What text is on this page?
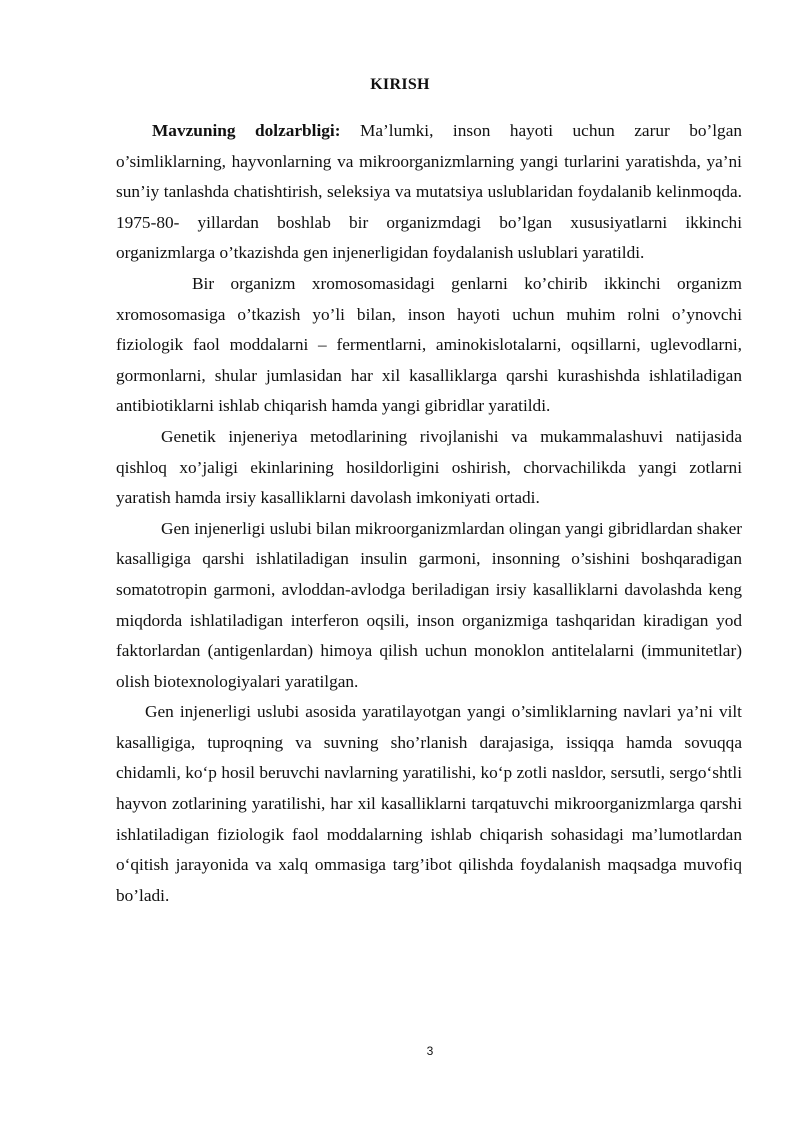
KIRISH

Mavzuning dolzarbligi: Ma’lumki, inson hayoti uchun zarur bo’lgan o’simliklarning, hayvonlarning va mikroorganizmlarning yangi turlarini yaratishda, ya’ni sun’iy tanlashda chatishtirish, seleksiya va mutatsiya uslublaridan foydalanib kelinmoqda. 1975-80- yillardan boshlab bir organizmdagi bo’lgan xususiyatlarni ikkinchi organizmlarga o’tkazishda gen injenerligidan foydalanish uslublari yaratildi.

Bir organizm xromosomasidagi genlarni ko’chirib ikkinchi organizm xromosomasiga o’tkazish yo’li bilan, inson hayoti uchun muhim rolni o’ynovchi fiziologik faol moddalarni – fermentlarni, aminokislotalarni, oqsillarni, uglevodlarni, gormonlarni, shular jumlasidan har xil kasalliklarga qarshi kurashishda ishlatiladigan antibiotiklarni ishlab chiqarish hamda yangi gibridlar yaratildi.

Genetik injeneriya metodlarining rivojlanishi va mukammalashuvi natijasida qishloq xo’jaligi ekinlarining hosildorligini oshirish, chorvachilikda yangi zotlarni yaratish hamda irsiy kasalliklarni davolash imkoniyati ortadi.

Gen injenerligi uslubi bilan mikroorganizmlardan olingan yangi gibridlardan shaker kasalligiga qarshi ishlatiladigan insulin garmoni, insonning o’sishini boshqaradigan somatotropin garmoni, avloddan-avlodga beriladigan irsiy kasalliklarni davolashda keng miqdorda ishlatiladigan interferon oqsili, inson organizmiga tashqaridan kiradigan yod faktorlardan (antigenlardan) himoya qilish uchun monoklon antitelalarni (immunitetlar) olish biotexnologiyalari yaratilgan.

Gen injenerligi uslubi asosida yaratilayotgan yangi o’simliklarning navlari ya’ni vilt kasalligiga, tuproqning va suvning sho’rlanish darajasiga, issiqqa hamda sovuqqa chidamli, ko‘p hosil beruvchi navlarning yaratilishi, ko‘p zotli nasldor, sersutli, sergo‘shtli hayvon zotlarining yaratilishi, har xil kasalliklarni tarqatuvchi mikroorganizmlarga qarshi ishlatiladigan fiziologik faol moddalarning ishlab chiqarish sohasidagi ma’lumotlardan o‘qitish jarayonida va xalq ommasiga targ’ibot qilishda foydalanish maqsadga muvofiq bo’ladi.

3
